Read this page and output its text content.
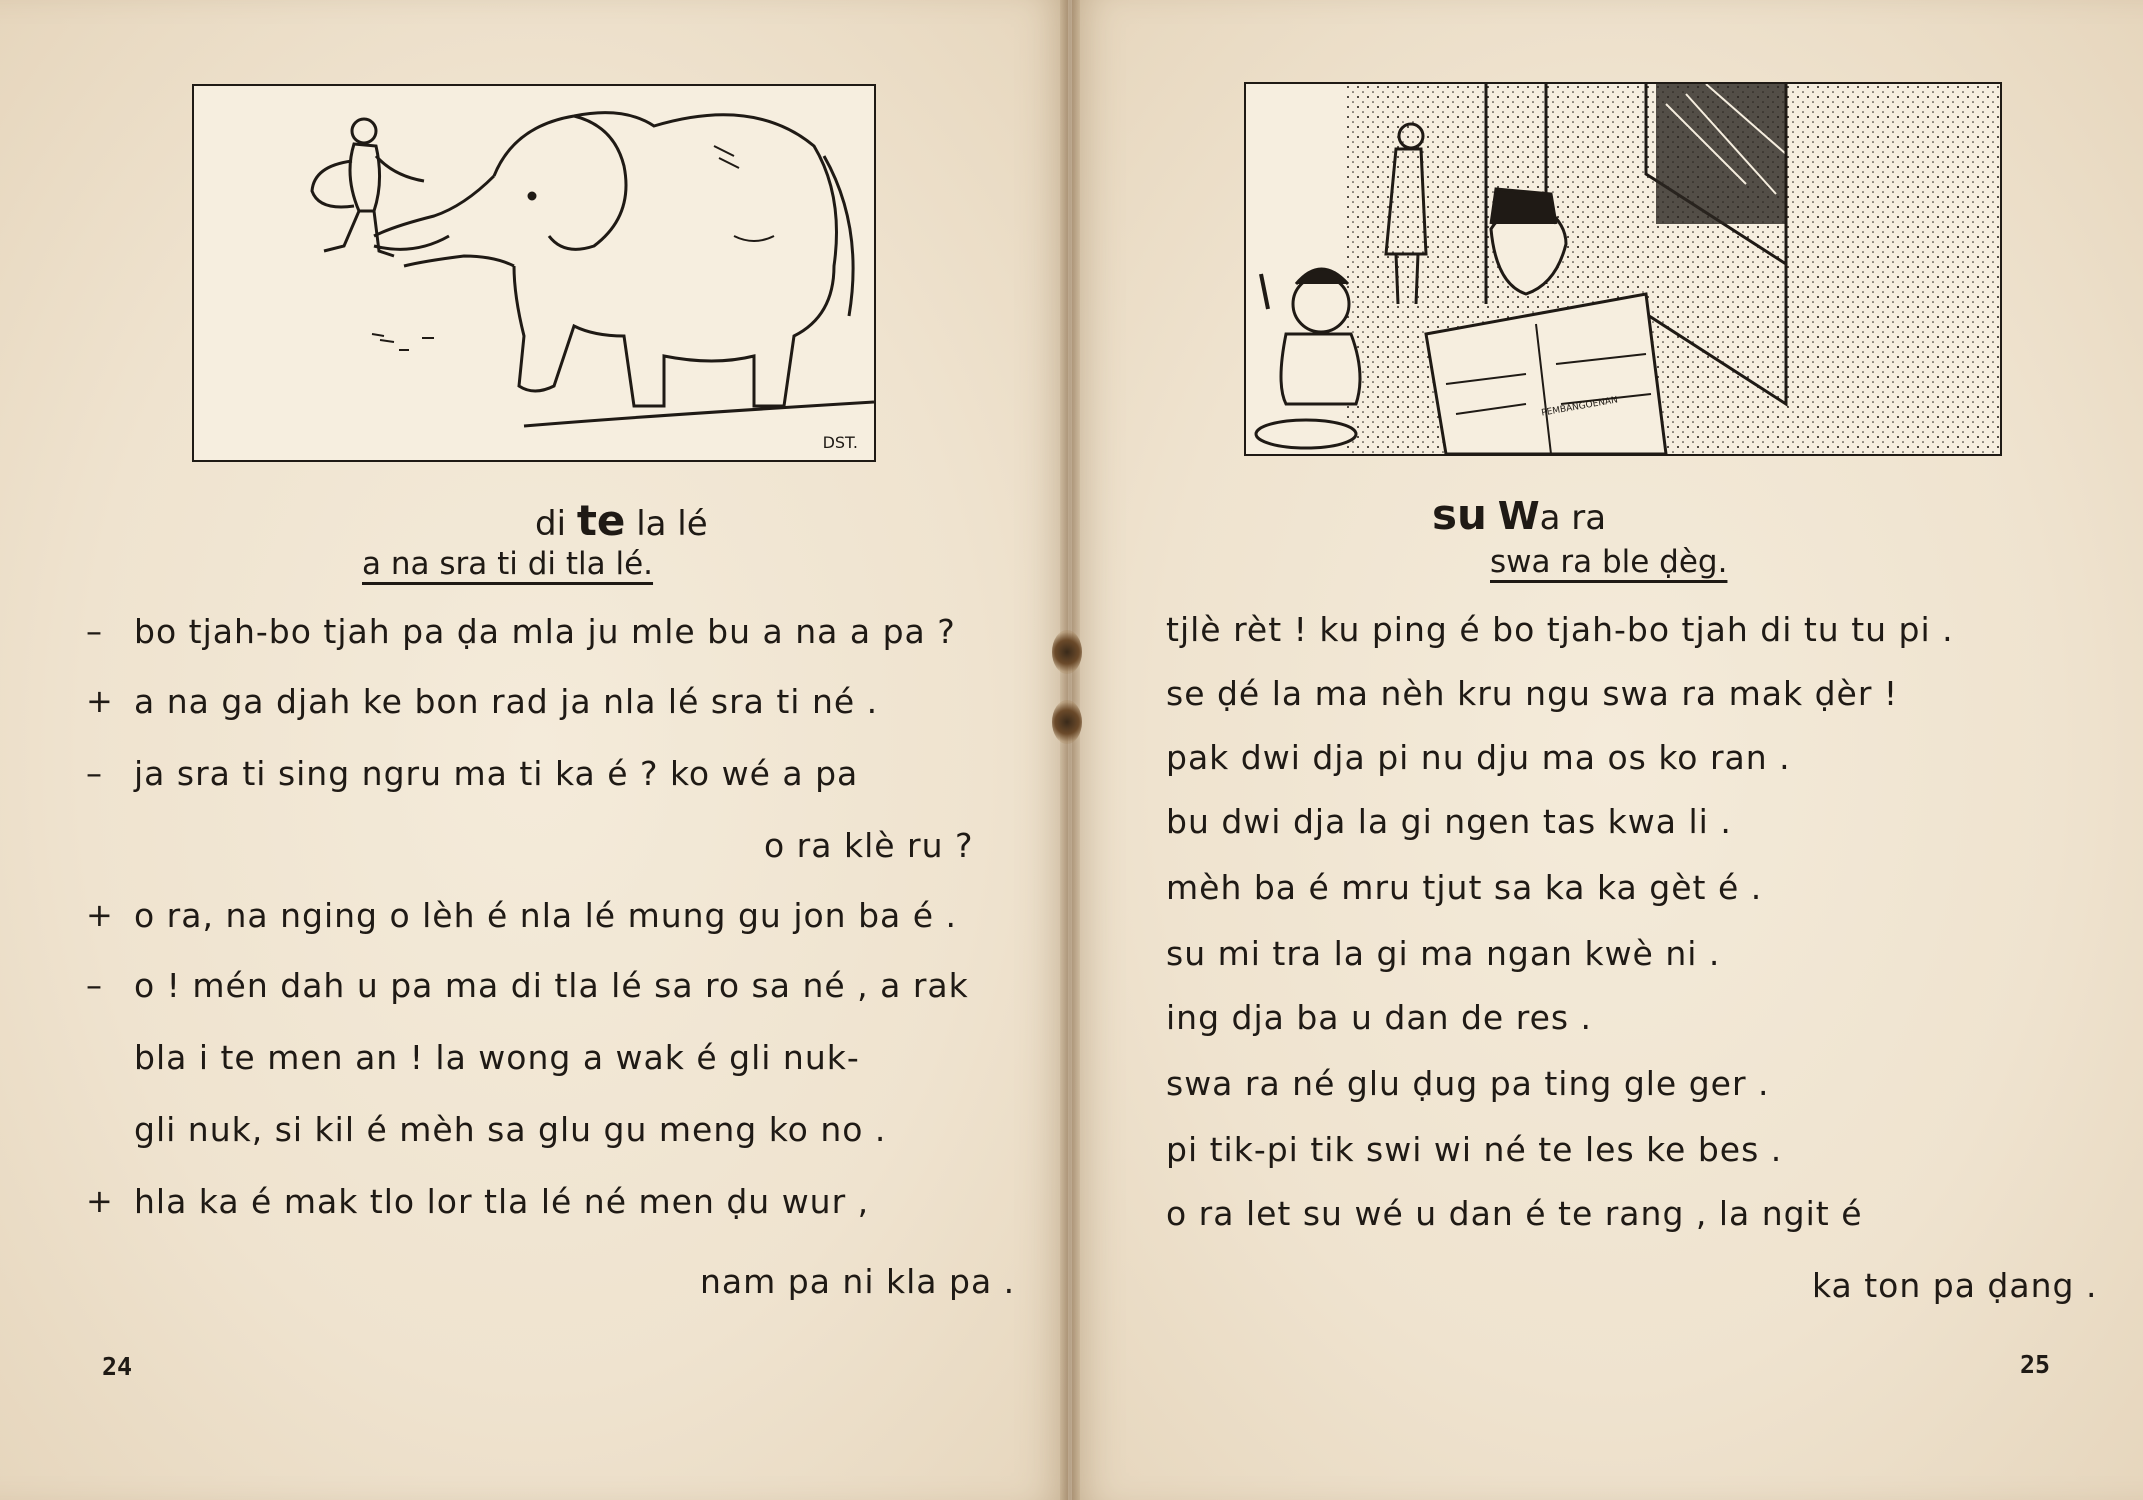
DST.
PEMBANGOENAN
di te la lé
a na sra ti di tla lé.
– bo tjah-bo tjah pa ḍa mla ju mle bu a na a pa ?
+ a na ga djah ke bon rad ja nla lé sra ti né .
– ja sra ti sing ngru ma ti ka é ? ko wé a pa
o ra klè ru ?
+ o ra, na nging o lèh é nla lé mung gu jon ba é .
– o ! mén dah u pa ma di tla lé sa ro sa né , a rak
bla i te men an ! la wong a wak é gli nuk-
gli nuk, si kil é mèh sa glu gu meng ko no .
+ hla ka é mak tlo lor tla lé né men ḍu wur ,
nam pa ni kla pa .
24
su Wa ra
swa ra ble ḍèg.
tjlè rèt ! ku ping é bo tjah-bo tjah di tu tu pi .
se ḍé la ma nèh kru ngu swa ra mak ḍèr !
pak dwi dja pi nu dju ma os ko ran .
bu dwi dja la gi ngen tas kwa li .
mèh ba é mru tjut sa ka ka gèt é .
su mi tra la gi ma ngan kwè ni .
ing dja ba u dan de res .
swa ra né glu ḍug pa ting gle ger .
pi tik-pi tik swi wi né te les ke bes .
o ra let su wé u dan é te rang , la ngit é
ka ton pa ḍang .
25
